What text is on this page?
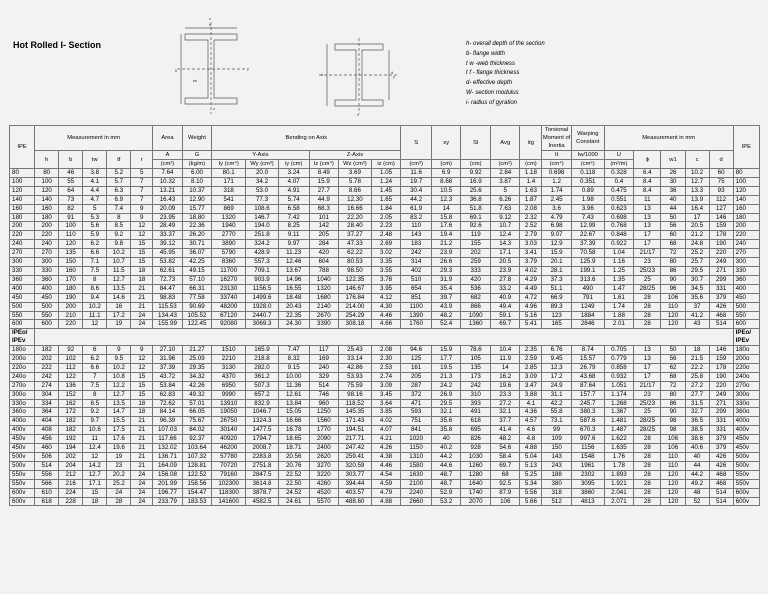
Hot Rolled I- Section
z
y
h
b
z
tw
z
y
h	d
h- overall depth of the section
b- flange width
t w -web thickness
t f - flange thickness
d- effective depth
W- section modulus
i- radius of gyration
IPE	Measurement in mm					Area	Weight	Bending on Axis						S	sy	Sl	Avg	itg	Torsional Moment of Inertia	Warping Constant	Measurement in mm					IPE
	h	b	tw	tf	r	A	G	Y-Axis			Z-Axis								It	Iw/1000	U	ϕ	w1	c	d	
						(cm²)	(kg/m)	Iy (cm⁴)	Wy (cm³)	iy (cm)	Iz (cm⁴)	Wz (cm³)	iz (cm)	(cm³)	(cm)	(cm)	(cm²)	(cm)	(cm⁴)	(cm⁶)	(m²/m)					
80	80	46	3.8	5.2	5	7.64	6.00	80.1	20.0	3.24	8.49	3.69	1.05	11.6	6.9	9.92	2.84	1.18	0.698	0.118	0.328	6.4	26	10.2	60	80
100	100	55	4.1	5.7	7	10.32	8.10	171	34.2	4.07	15.9	5.78	1.24	19.7	8.68	16.9	3.87	1.4	1.2	0.351	0.4	8.4	30	12.7	75	100
120	120	64	4.4	6.3	7	13.21	10.37	318	53.0	4.91	27.7	8.66	1.45	30.4	10.5	25.6	5	1.63	1.74	0.89	0.475	8.4	36	13.3	93	120
140	140	73	4.7	6.9	7	16.43	12.90	541	77.3	5.74	44.9	12.30	1.65	44.2	12.3	36.8	6.26	1.87	2.45	1.98	0.551	11	40	13.9	112	140
160	160	82	5	7.4	9	20.09	15.77	869	108.6	6.58	68.3	16.66	1.84	61.9	14	51.8	7.63	2.08	3.6	3.96	0.623	13	44	16.4	127	160
180	180	91	5.3	8	9	23.95	18.80	1320	146.7	7.42	101	22.20	2.05	83.2	15.8	69.1	9.12	2.32	4.79	7.43	0.698	13	50	17	146	180
200	200	100	5.6	8.5	12	28.49	22.36	1940	194.0	8.25	142	28.40	2.23	110	17.6	92.6	10.7	2.52	6.98	12.99	0.768	13	56	20.5	159	200
220	220	110	5.9	9.2	12	33.37	26.20	2770	251.8	9.11	205	37.27	2.48	143	19.4	119	12.4	2.79	9.07	22.67	0.848	17	60	21.2	178	220
240	240	120	6.2	9.8	15	39.12	30.71	3890	324.2	9.97	284	47.33	2.69	183	21.2	155	14.3	3.03	12.9	37.39	0.922	17	68	24.8	190	240
270	270	135	6.6	10.2	15	45.95	36.07	5790	428.9	11.23	420	62.22	3.02	242	23.9	202	17.1	3.41	15.9	70.58	1.04	21/17	72	25.2	220	270
300	300	150	7.1	10.7	15	53.82	42.25	8360	557.3	12.46	604	80.53	3.35	314	26.6	259	20.5	3.79	20.1	125.9	1.16	23	80	25.7	249	300
330	330	160	7.5	11.5	18	62.61	49.15	11700	709.1	13.67	788	98.50	3.55	402	29.3	333	23.9	4.02	28.1	199.1	1.25	25/23	86	29.5	271	330
360	360	170	8	12.7	18	72.73	57.10	16270	903.9	14.96	1040	122.35	3.78	510	31.9	420	27.8	4.29	37.3	313.6	1.35	25	90	30.7	299	360
400	400	180	8.6	13.5	21	84.47	66.31	23130	1156.5	16.55	1320	146.67	3.95	654	35.4	536	33.2	4.49	51.1	490	1.47	28/25	96	34.5	331	400
450	450	190	9.4	14.6	21	98.83	77.58	33740	1499.6	18.48	1680	176.84	4.12	851	39.7	682	40.9	4.72	66.9	791	1.61	28	106	35.6	379	450
500	500	200	10.2	16	21	115.53	90.69	48200	1928.0	20.43	2140	214.00	4.30	1100	43.9	866	49.4	4.96	89.3	1249	1.74	28	110	37	426	500
550	550	210	11.1	17.2	24	134.43	105.52	67120	2440.7	22.35	2670	254.29	4.46	1390	48.2	1090	59.1	5.16	123	1884	1.88	28	120	41.2	468	550
600	600	220	12	19	24	155.99	122.45	92080	3069.3	24.30	3390	308.18	4.66	1760	52.4	1360	69.7	5.41	165	2846	2.01	28	120	43	514	600
IPEo/ IPEv																										IPEo/ IPEv
180o	182	92	6	9	9	27.10	21.27	1510	165.9	7.47	117	25.43	2.08	94.6	15.9	78.6	10.4	2.35	6.76	8.74	0.705	13	50	18	146	180o
200o	202	102	6.2	9.5	12	31.96	25.09	2210	218.8	8.32	169	33.14	2.30	125	17.7	105	11.9	2.59	9.45	15.57	0.779	13	56	21.5	159	200o
220o	222	112	6.6	10.2	12	37.39	29.35	3130	282.0	9.15	240	42.86	2.53	161	19.5	135	14	2.85	12.3	26.79	0.858	17	62	22.2	178	220o
240o	242	122	7	10.8	15	43.72	34.32	4370	361.2	10.00	329	53.93	2.74	205	21.3	173	16.2	3.09	17.2	43.68	0.932	17	68	25.8	190	240o
270o	274	136	7.5	12.2	15	53.84	42.26	6950	507.3	11.36	514	75.59	3.09	287	24.2	242	19.6	3.47	24.9	87.64	1.051	21/17	72	27.2	220	270o
300o	304	152	8	12.7	15	62.83	49.32	9990	657.2	12.61	746	98.16	3.45	372	26.9	310	23.3	3.88	31.1	157.7	1.174	23	80	27.7	249	300o
330o	334	162	8.5	13.5	18	72.62	57.01	13910	832.9	13.84	960	118.52	3.64	471	29.5	393	27.2	4.1	42.2	245.7	1.268	25/23	86	31.5	271	330o
360o	364	172	9.2	14.7	18	84.14	66.05	19050	1046.7	15.05	1250	145.35	3.85	593	32.1	491	32.1	4.36	55.8	380.3	1.367	25	90	32.7	299	360o
400o	404	182	9.7	15.5	21	96.39	75.67	26750	1324.3	16.66	1560	171.43	4.02	751	35.6	618	37.7	4.57	73.1	587.6	1.481	28/25	98	36.5	331	400o
400v	408	182	10.6	17.5	21	107.03	84.02	30140	1477.5	16.78	1770	194.51	4.07	841	35.8	695	41.4	4.6	99	670.3	1.487	28/25	98	38.5	331	400v
450v	456	192	11	17.6	21	117.66	92.37	40920	1794.7	18.65	2090	217.71	4.21	1020	40	826	48.2	4.8	109	997.6	1.622	28	106	38.6	379	450v
450v	460	194	12.4	19.6	21	132.02	103.64	46200	2008.7	18.71	2400	247.42	4.26	1150	40.2	928	54.6	4.88	150	1156	1.635	28	106	40.6	379	450v
500v	506	202	12	19	21	136.71	107.32	57780	2283.8	20.56	2620	259.41	4.38	1310	44.2	1030	58.4	5.04	143	1548	1.76	28	110	40	426	500v
500v	514	204	14.2	23	21	164.09	128.81	70720	2751.8	20.76	3270	320.59	4.46	1580	44.6	1260	69.7	5.13	243	1961	1.78	28	110	44	426	500v
550v	556	212	12.7	20.2	24	156.08	122.52	79160	2847.5	22.52	3220	303.77	4.54	1630	48.7	1280	68	5.25	188	2302	1.893	28	120	44.2	468	550v
550v	566	216	17.1	25.2	24	201.99	158.56	102300	3614.8	22.50	4260	394.44	4.59	2100	48.7	1640	92.5	5.34	380	3095	1.921	28	120	49.2	468	550v
600v	610	224	15	24	24	196.77	154.47	118300	3878.7	24.52	4520	403.57	4.79	2240	52.9	1740	87.9	5.56	318	3860	2.041	28	120	48	514	600v
600v	618	228	18	28	24	233.79	183.53	141600	4582.5	24.61	5570	488.60	4.88	2660	53.2	2070	106	5.66	512	4813	2.071	28	120	52	514	600v
